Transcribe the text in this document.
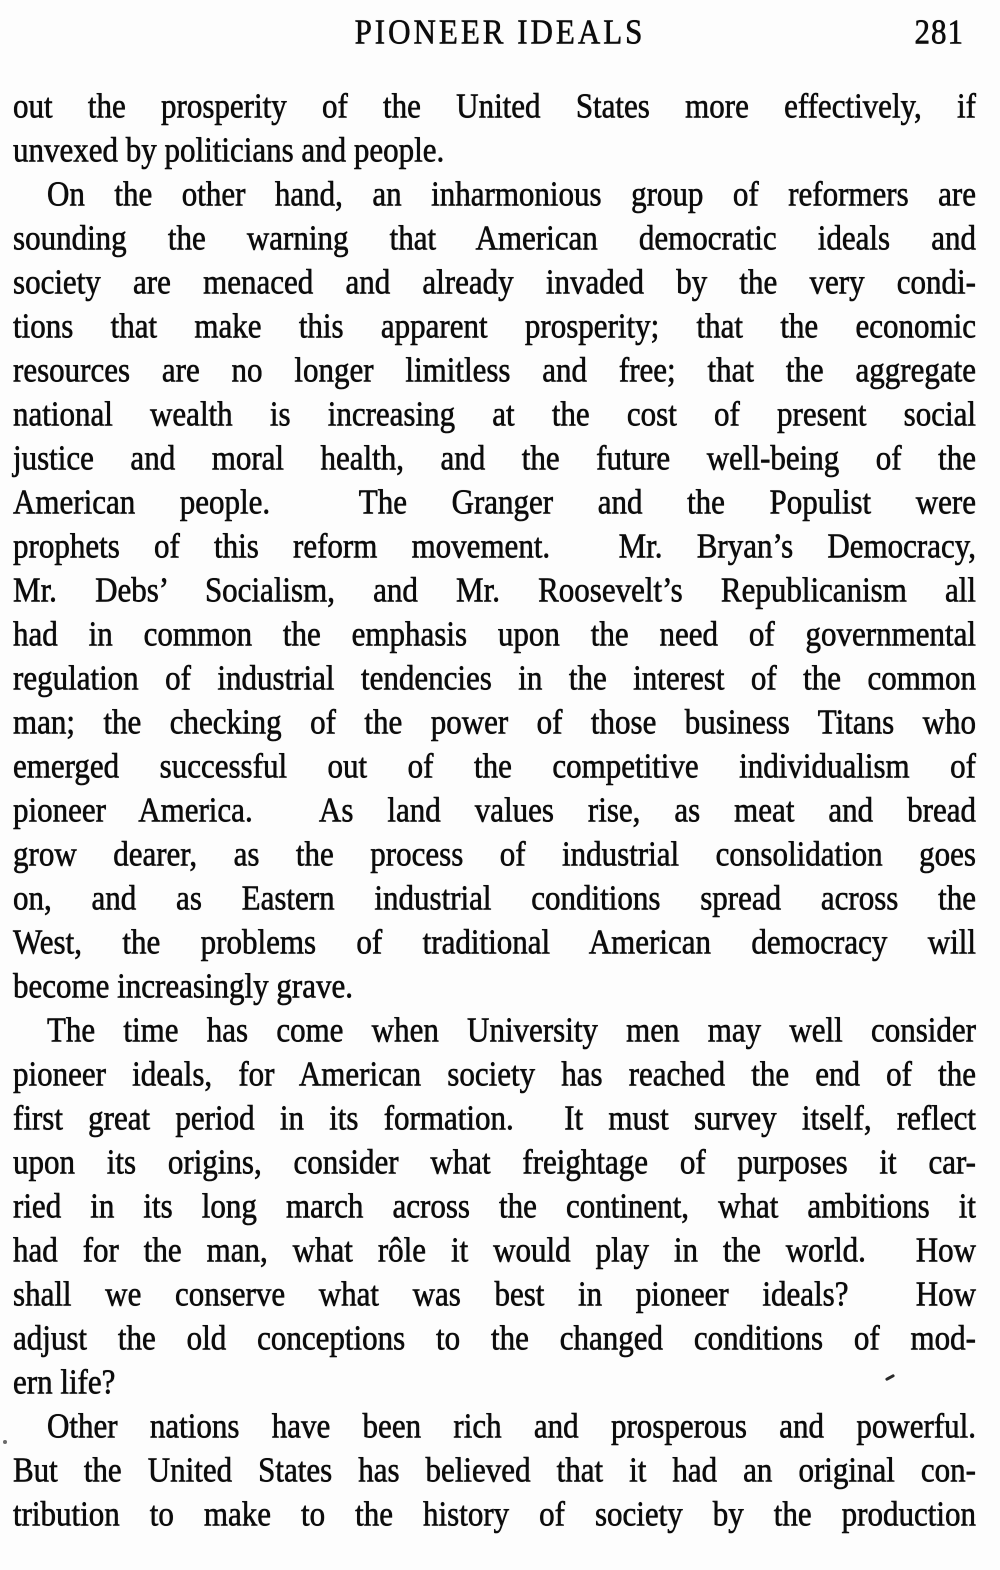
PIONEER IDEALS	281
out the prosperity of the United States more effectively, if
unvexed by politicians and people.
On the other hand, an inharmonious group of reformers are
sounding the warning that American democratic ideals and
society are menaced and already invaded by the very condi-
tions that make this apparent prosperity; that the economic
resources are no longer limitless and free; that the aggregate
national wealth is increasing at the cost of present social
justice and moral health, and the future well-being of the
American people.  The Granger and the Populist were
prophets of this reform movement.  Mr. Bryan’s Democracy,
Mr. Debs’ Socialism, and Mr. Roosevelt’s Republicanism all
had in common the emphasis upon the need of governmental
regulation of industrial tendencies in the interest of the common
man; the checking of the power of those business Titans who
emerged successful out of the competitive individualism of
pioneer America.  As land values rise, as meat and bread
grow dearer, as the process of industrial consolidation goes
on, and as Eastern industrial conditions spread across the
West, the problems of traditional American democracy will
become increasingly grave.
The time has come when University men may well consider
pioneer ideals, for American society has reached the end of the
first great period in its formation.  It must survey itself, reflect
upon its origins, consider what freightage of purposes it car-
ried in its long march across the continent, what ambitions it
had for the man, what rôle it would play in the world.  How
shall we conserve what was best in pioneer ideals?  How
adjust the old conceptions to the changed conditions of mod-
ern life?
Other nations have been rich and prosperous and powerful.
But the United States has believed that it had an original con-
tribution to make to the history of society by the production
